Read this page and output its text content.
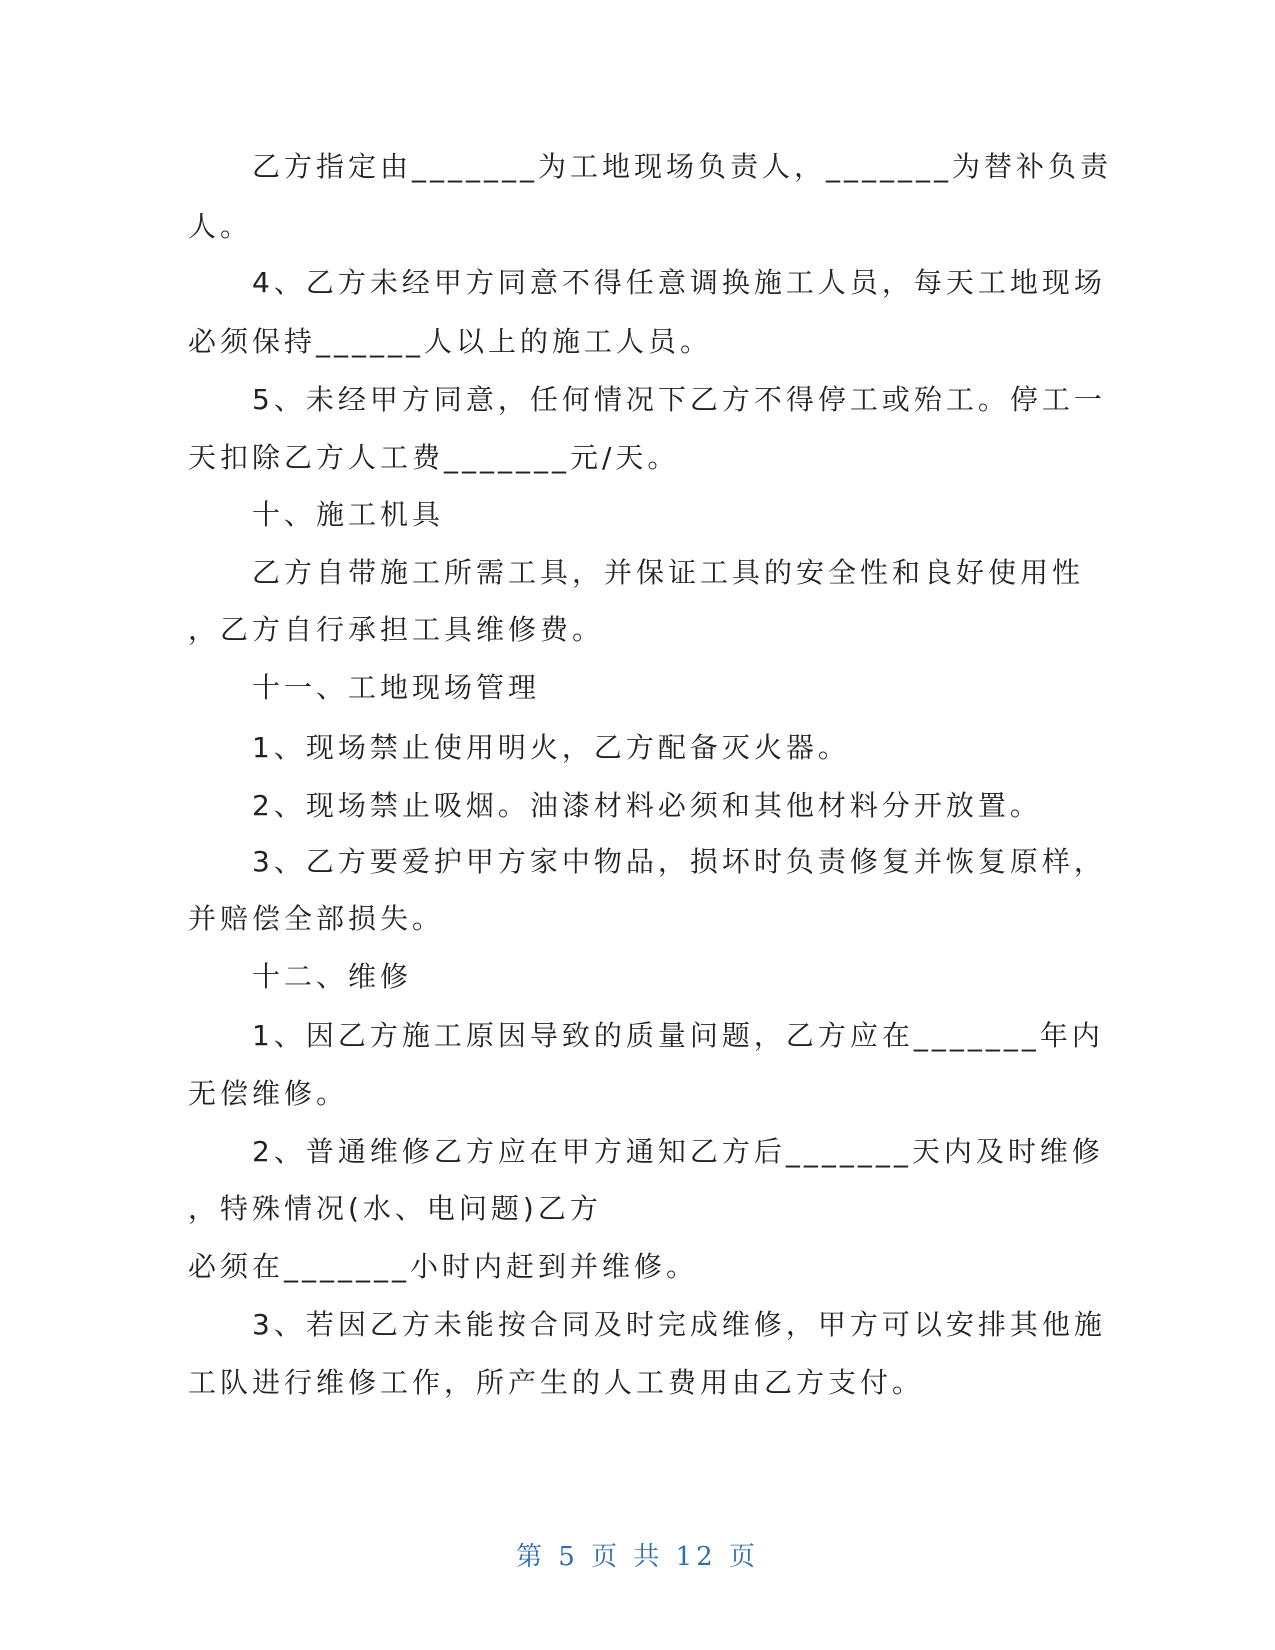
　　乙方指定由_______为工地现场负责人，_______为替补负责
人。
　　4、乙方未经甲方同意不得任意调换施工人员，每天工地现场
必须保持______人以上的施工人员。
　　5、未经甲方同意，任何情况下乙方不得停工或殆工。停工一
天扣除乙方人工费_______元/天。
　　十、施工机具
　　乙方自带施工所需工具，并保证工具的安全性和良好使用性
，乙方自行承担工具维修费。
　　十一、工地现场管理
　　1、现场禁止使用明火，乙方配备灭火器。
　　2、现场禁止吸烟。油漆材料必须和其他材料分开放置。
　　3、乙方要爱护甲方家中物品，损坏时负责修复并恢复原样，
并赔偿全部损失。
　　十二、维修
　　1、因乙方施工原因导致的质量问题，乙方应在_______年内
无偿维修。
　　2、普通维修乙方应在甲方通知乙方后_______天内及时维修
，特殊情况(水、电问题)乙方
必须在_______小时内赶到并维修。
　　3、若因乙方未能按合同及时完成维修，甲方可以安排其他施
工队进行维修工作，所产生的人工费用由乙方支付。
第 5 页 共 12 页
